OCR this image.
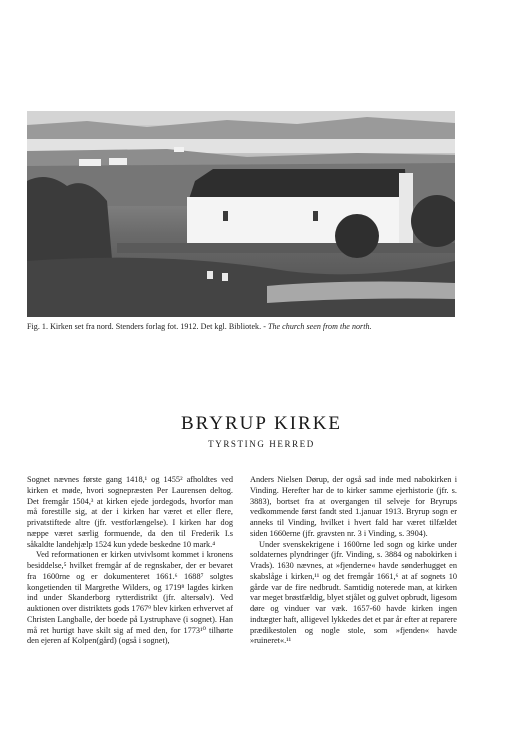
Fig. 1. Kirken set fra nord. Stenders forlag fot. 1912. Det kgl. Bibliotek. - The church seen from the north.
BRYRUP KIRKE
TYRSTING HERRED

Sognet nævnes første gang 1418,¹ og 1455² afholdtes ved kirken et møde, hvori sognepræsten Per Laurensen deltog. Det fremgår 1504,³ at kirken ejede jordegods, hvorfor man må forestille sig, at der i kirken har været et eller flere, privatstiftede altre (jfr. vestforlængelse). I kirken har dog næppe været særlig formuende, da den til Frederik I.s såkaldte landehjælp 1524 kun ydede beskedne 10 mark.⁴

Ved reformationen er kirken utvivlsomt kommet i kronens besiddelse,⁵ hvilket fremgår af de regnskaber, der er bevaret fra 1600rne og er dokumenteret 1661.⁶ 1688⁷ solgtes kongetienden til Margrethe Wilders, og 1719⁸ lagdes kirken ind under Skanderborg rytterdistrikt (jfr. altersølv). Ved auktionen over distriktets gods 1767⁹ blev kirken erhvervet af Christen Langballe, der boede på Lystruphave (i sognet). Han må ret hurtigt have skilt sig af med den, for 1773¹⁰ tilhørte den ejeren af Kolpen(gård) (også i sognet),

Anders Nielsen Dørup, der også sad inde med nabokirken i Vinding. Herefter har de to kirker samme ejerhistorie (jfr. s. 3883), bortset fra at overgangen til selveje for Bryrups vedkommende først fandt sted 1.januar 1913. Bryrup sogn er anneks til Vinding, hvilket i hvert fald har været tilfældet siden 1660erne (jfr. gravsten nr. 3 i Vinding, s. 3904).

Under svenskekrigene i 1600rne led sogn og kirke under soldaternes plyndringer (jfr. Vinding, s. 3884 og nabokirken i Vrads). 1630 nævnes, at »fjenderne« havde sønderhugget en skabslåge i kirken,¹¹ og det fremgår 1661,⁶ at af sognets 10 gårde var de fire nedbrudt. Samtidig noterede man, at kirken var meget brøstfældig, blyet stjålet og gulvet opbrudt, ligesom døre og vinduer var væk. 1657-60 havde kirken ingen indtægter haft, alligevel lykkedes det et par år efter at reparere prædikestolen og nogle stole, som »fjenden« havde »ruineret«.¹¹
